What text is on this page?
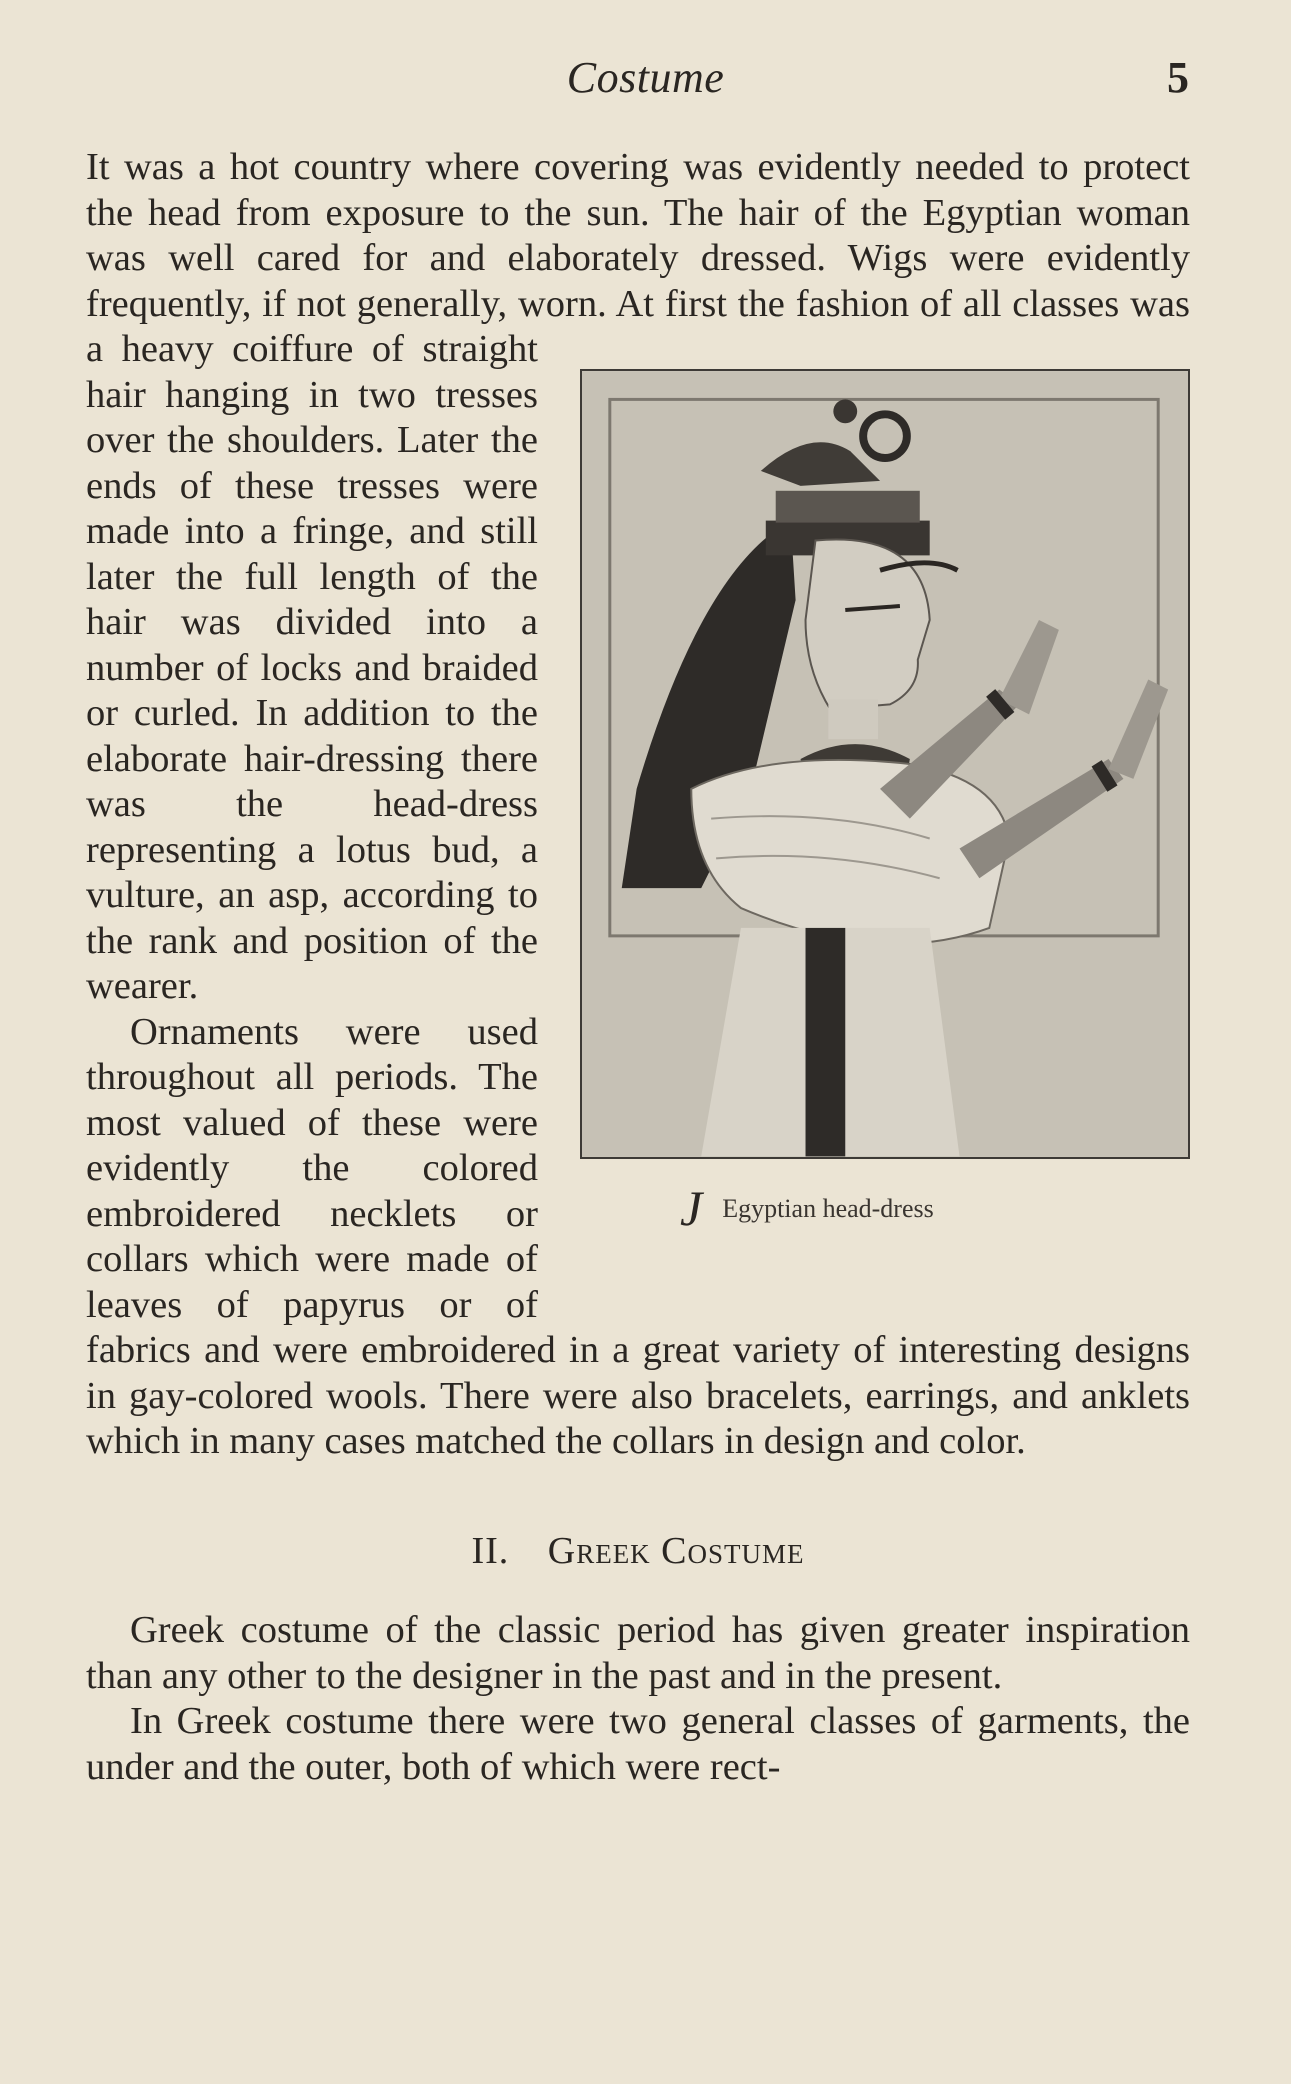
Costume	5

It was a hot country where covering was evidently needed to protect the head from exposure to the sun. The hair of the Egyptian woman was well cared for and elaborately dressed. Wigs were evidently frequently, if not generally, worn. At first the fashion of all classes was a heavy
J Egyptian head-dress
coiffure of straight hair hanging in two tresses over the shoulders. Later the ends of these tresses were made into a fringe, and still later the full length of the hair was divided into a number of locks and braided or curled. In addition to the elaborate hair-dressing there was the head-dress representing a lotus bud, a vulture, an asp, according to the rank and position of the wearer.

Ornaments were used throughout all periods. The most valued of these were evidently the colored embroidered necklets or collars which were made of leaves of papyrus or of fabrics and were embroidered in a great variety of interesting designs in gay-colored wools. There were also bracelets, earrings, and anklets which in many cases matched the collars in design and color.

II. Greek Costume

Greek costume of the classic period has given greater inspiration than any other to the designer in the past and in the present.

In Greek costume there were two general classes of garments, the under and the outer, both of which were rect-
